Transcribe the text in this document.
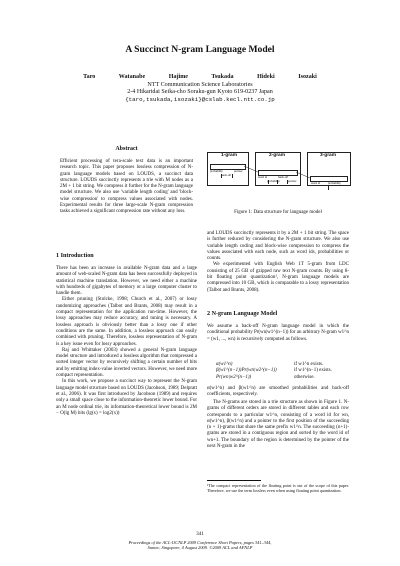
A Succinct N-gram Language Model
Taro Watanabe	Hajime Tsukada	Hideki Isozaki
NTT Communication Science Laboratories
2-4 Hikaridai Seika-cho Soraku-gun Kyoto 619-0237 Japan
{taro,tsukada,isozaki}@cslab.kecl.ntt.co.jp
Abstract
Efficient processing of tera-scale text data is an important research topic. This paper proposes lossless compression of N-gram language models based on LOUDS, a succinct data structure. LOUDS succinctly represents a trie with M nodes as a 2M + 1 bit string. We compress it further for the N-gram language model structure. We also use 'variable length coding' and 'block-wise compression' to compress values associated with nodes. Experimental results for three large-scale N-gram compression tasks achieved a significant compression rate without any loss.
1 Introduction
There has been an increase in available N-gram data and a large amount of web-scaled N-gram data has been successfully deployed in statistical machine translation. However, we need either a machine with hundreds of gigabytes of memory or a large computer cluster to handle them.
Either pruning (Stolcke, 1998; Church et al., 2007) or lossy randomizing approaches (Talbot and Brants, 2008) may result in a compact representation for the application run-time. However, the lossy approaches may reduce accuracy, and tuning is necessary. A lossless approach is obviously better than a lossy one if other conditions are the same. In addition, a lossless approach can easily combined with pruning. Therefore, lossless representation of N-gram is a key issue even for lossy approaches.
Raj and Whittaker (2003) showed a general N-gram language model structure and introduced a lossless algorithm that compressed a sorted integer vector by recursively shifting a certain number of bits and by emitting index-value inverted vectors. However, we need more compact representation.
In this work, we propose a succinct way to represent the N-gram language model structure based on LOUDS (Jacobson, 1989; Delpratt et al., 2006). It was first introduced by Jacobson (1989) and requires only a small space close to the information-theoretic lower bound. For an M node ordinal trie, its information-theoretical lower bound is 2M − O(lg M) bits (lg(x) = log2(x))
1-gram	2-gram	3-gram
probability
back-off
pointer
word id
probability
back-off
pointer	word id	probability
Figure 1: Data structure for language model
and LOUDS succinctly represents it by a 2M + 1 bit string. The space is further reduced by considering the N-gram structure. We also use variable length coding and block-wise compression to compress the values associated with each node, such as word ids, probabilities or counts.
We experimented with English Web 1T 5-gram from LDC consisting of 25 GB of gzipped raw text N-gram counts. By using 8-bit floating point quantization¹, N-gram language models are compressed into 10 GB, which is comparable to a lossy representation (Talbot and Brants, 2008).
2 N-gram Language Model
We assume a back-off N-gram language model in which the conditional probability Pr(wn|w1^(n−1)) for an arbitrary N-gram w1^n = (w1, ..., wn) is recursively computed as follows.
α(w1^n)	if w1^n exists.
β(w1^(n−1))Pr(wn|w2^(n−1))	if w1^(n−1) exists.
Pr(wn|w2^(n−1))	otherwise.
α(w1^n) and β(w1^n) are smoothed probabilities and back-off coefficients, respectively.
The N-grams are stored in a trie structure as shown in Figure 1. N-grams of different orders are stored in different tables and each row corresponds to a particular w1^n, consisting of a word id for wn, α(w1^n), β(w1^n) and a pointer to the first position of the succeeding (n + 1)-grams that share the same prefix w1^n. The succeeding (n+1)-grams are stored in a contiguous region and sorted by the word id of wn+1. The boundary of the region is determined by the pointer of the next N-gram in the
¹The compact representation of the floating point is out of the scope of this paper. Therefore, we use the term lossless even when using floating point quantization.
341
Proceedings of the ACL-IJCNLP 2009 Conference Short Papers, pages 341–344,
Suntec, Singapore, 4 August 2009. ©2009 ACL and AFNLP
